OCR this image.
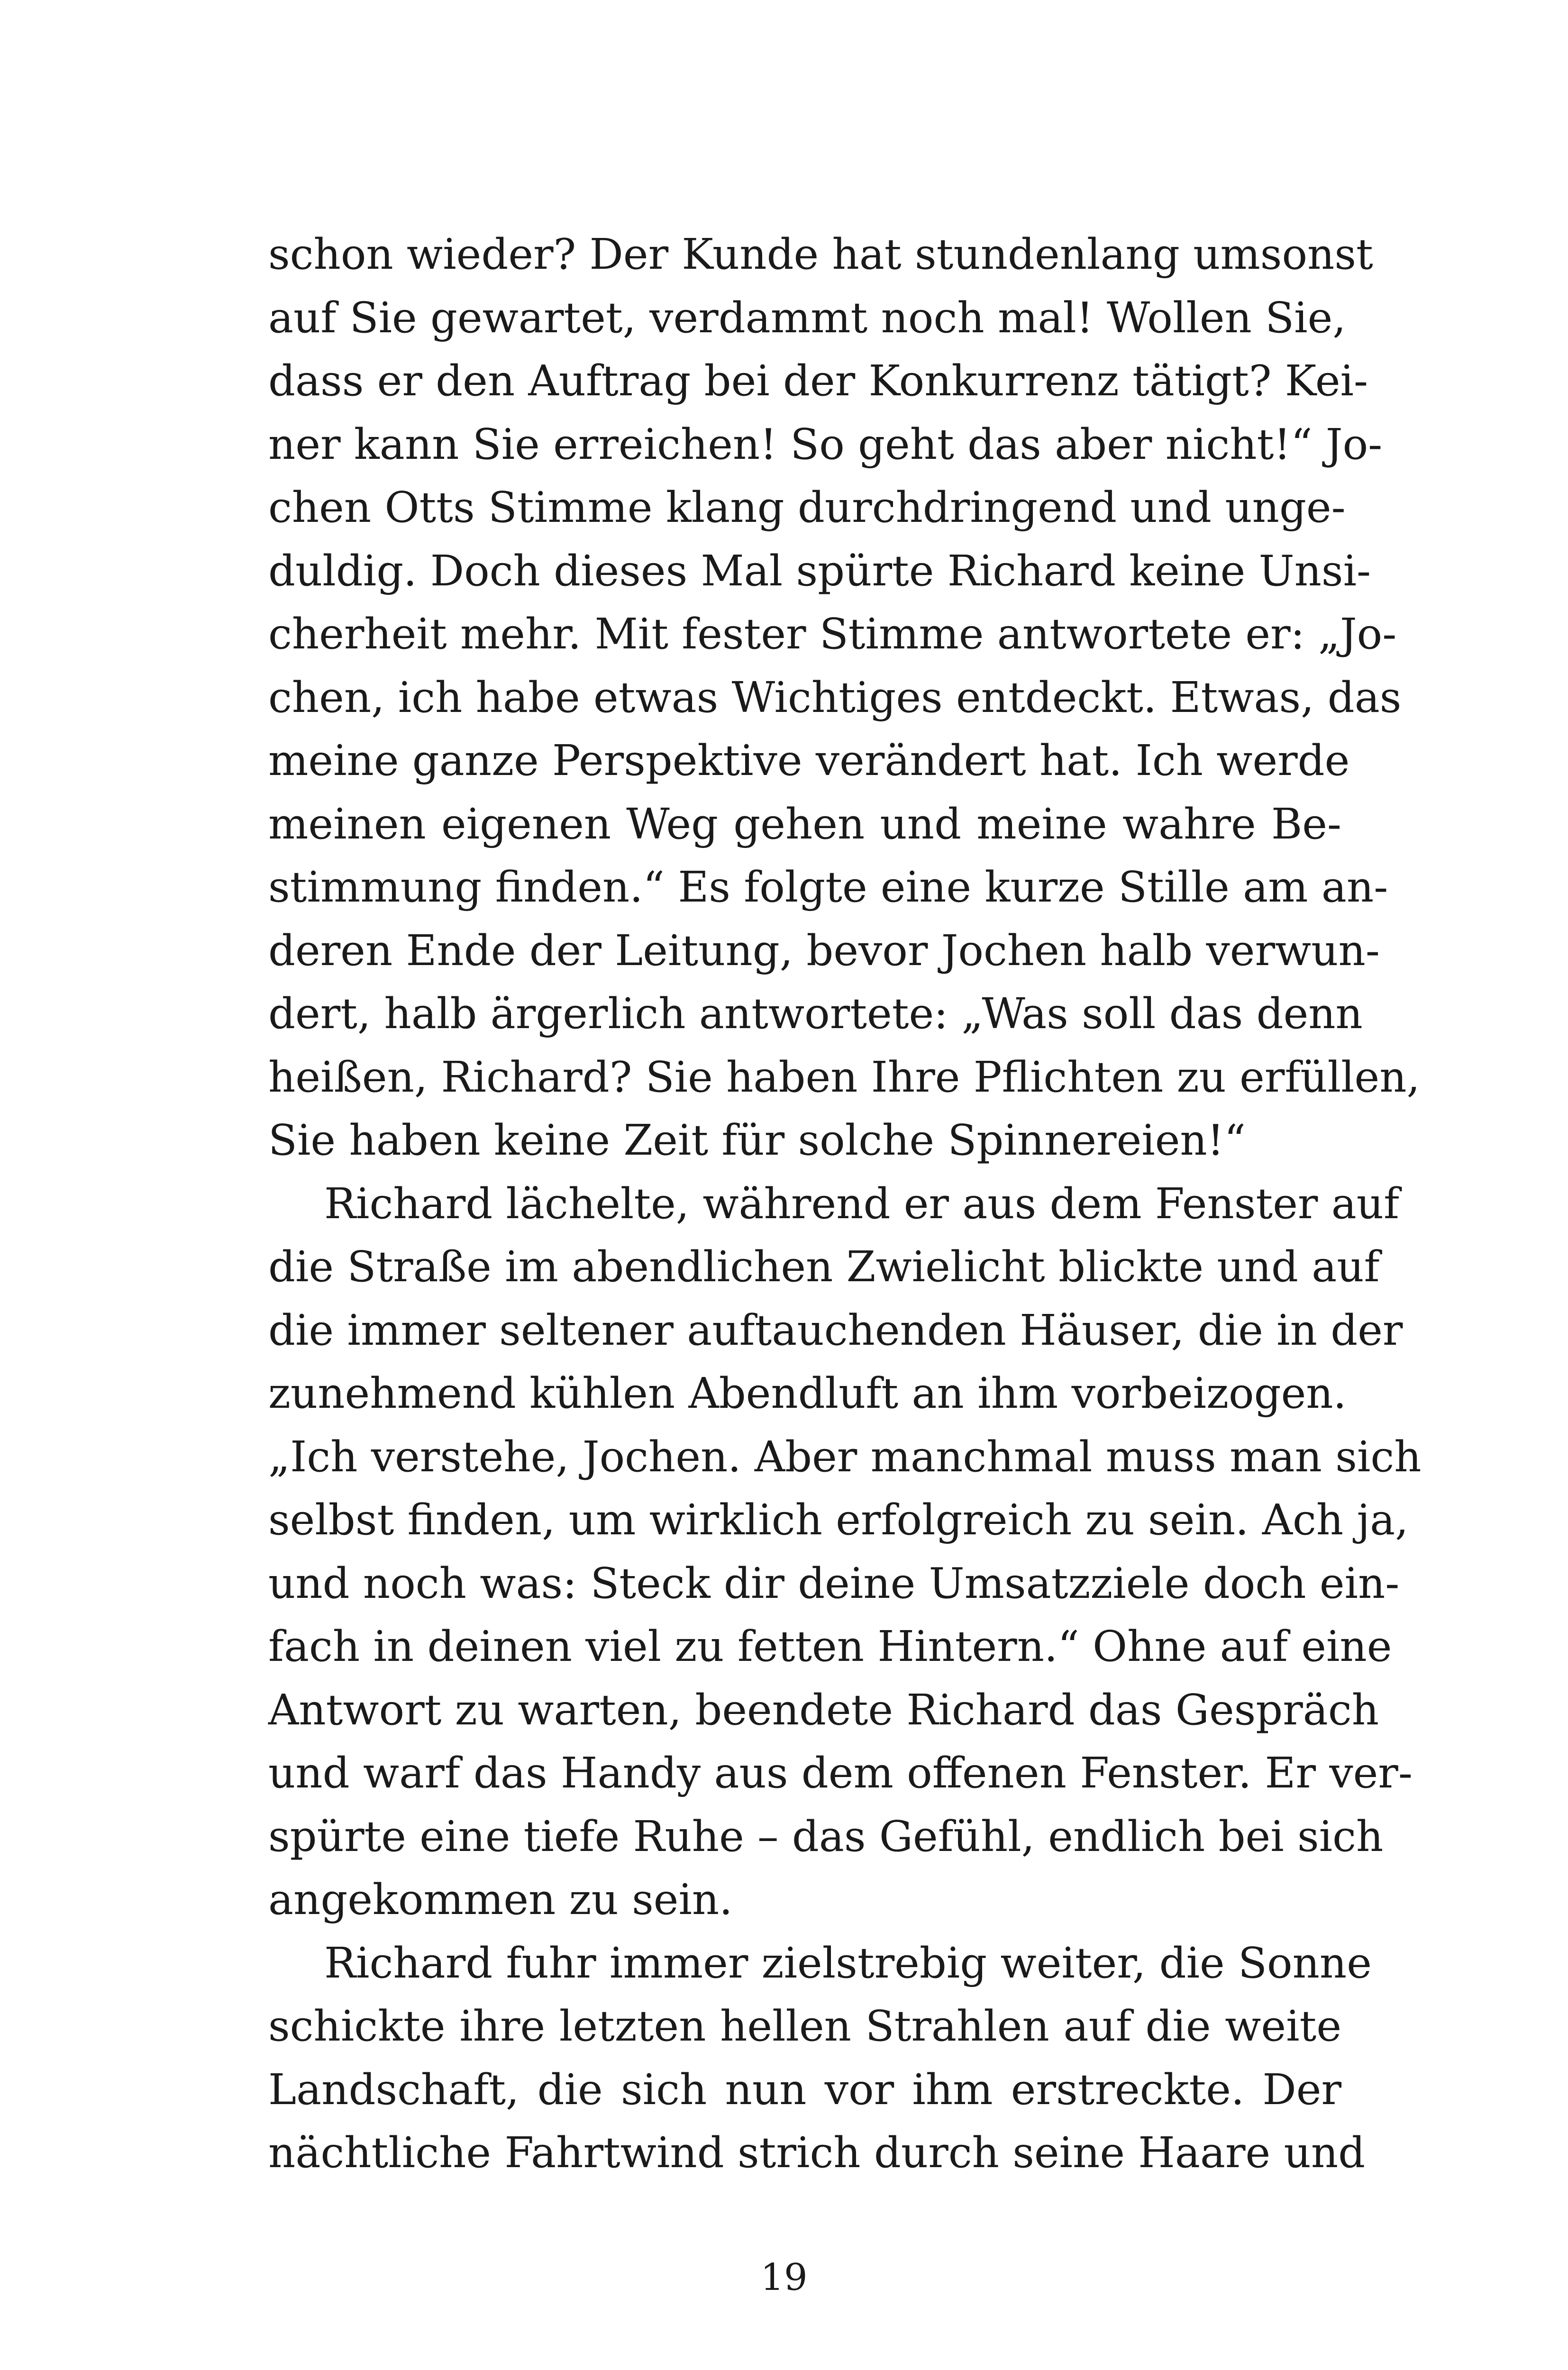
schon wieder? Der Kunde hat stundenlang umsonst
auf Sie gewartet, verdammt noch mal! Wollen Sie,
dass er den Auftrag bei der Konkurrenz tätigt? Kei-
ner kann Sie erreichen! So geht das aber nicht!“ Jo-
chen Otts Stimme klang durchdringend und unge-
duldig. Doch dieses Mal spürte Richard keine Unsi-
cherheit mehr. Mit fester Stimme antwortete er: „Jo-
chen, ich habe etwas Wichtiges entdeckt. Etwas, das
meine ganze Perspektive verändert hat. Ich werde
meinen eigenen Weg gehen und meine wahre Be-
stimmung finden.“ Es folgte eine kurze Stille am an-
deren Ende der Leitung, bevor Jochen halb verwun-
dert, halb ärgerlich antwortete: „Was soll das denn
heißen, Richard? Sie haben Ihre Pflichten zu erfüllen,
Sie haben keine Zeit für solche Spinnereien!“
Richard lächelte, während er aus dem Fenster auf
die Straße im abendlichen Zwielicht blickte und auf
die immer seltener auftauchenden Häuser, die in der
zunehmend kühlen Abendluft an ihm vorbeizogen.
„Ich verstehe, Jochen. Aber manchmal muss man sich
selbst finden, um wirklich erfolgreich zu sein. Ach ja,
und noch was: Steck dir deine Umsatzziele doch ein-
fach in deinen viel zu fetten Hintern.“ Ohne auf eine
Antwort zu warten, beendete Richard das Gespräch
und warf das Handy aus dem offenen Fenster. Er ver-
spürte eine tiefe Ruhe – das Gefühl, endlich bei sich
angekommen zu sein.
Richard fuhr immer zielstrebig weiter, die Sonne
schickte ihre letzten hellen Strahlen auf die weite
Landschaft, die sich nun vor ihm erstreckte. Der
nächtliche Fahrtwind strich durch seine Haare und
19
